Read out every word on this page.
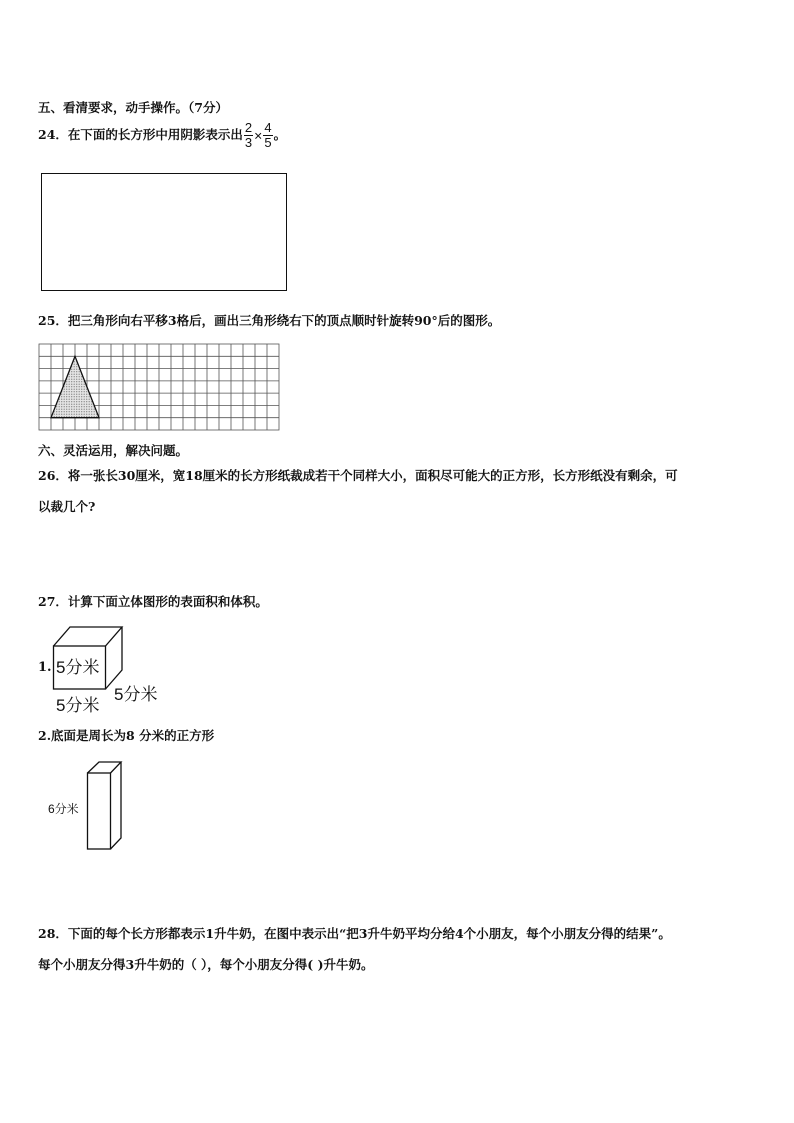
五、看清要求，动手操作。（7分）
24．在下面的长方形中用阴影表示出 $\frac{2}{3} \times \frac{4}{5}$ 。
25．把三角形向右平移3格后，画出三角形绕右下的顶点顺时针旋转90°后的图形。
六、灵活运用，解决问题。
26．将一张长30厘米，宽18厘米的长方形纸裁成若干个同样大小，面积尽可能大的正方形，长方形纸没有剩余，可
以裁几个?
27．计算下面立体图形的表面积和体积。
1. 5分米
5分米
5分米
2.底面是周长为8 分米的正方形
6分米
28．下面的每个长方形都表示1升牛奶，在图中表示出“把3升牛奶平均分给4个小朋友，每个小朋友分得的结果”。
每个小朋友分得3升牛奶的（ ），每个小朋友分得( )升牛奶。
